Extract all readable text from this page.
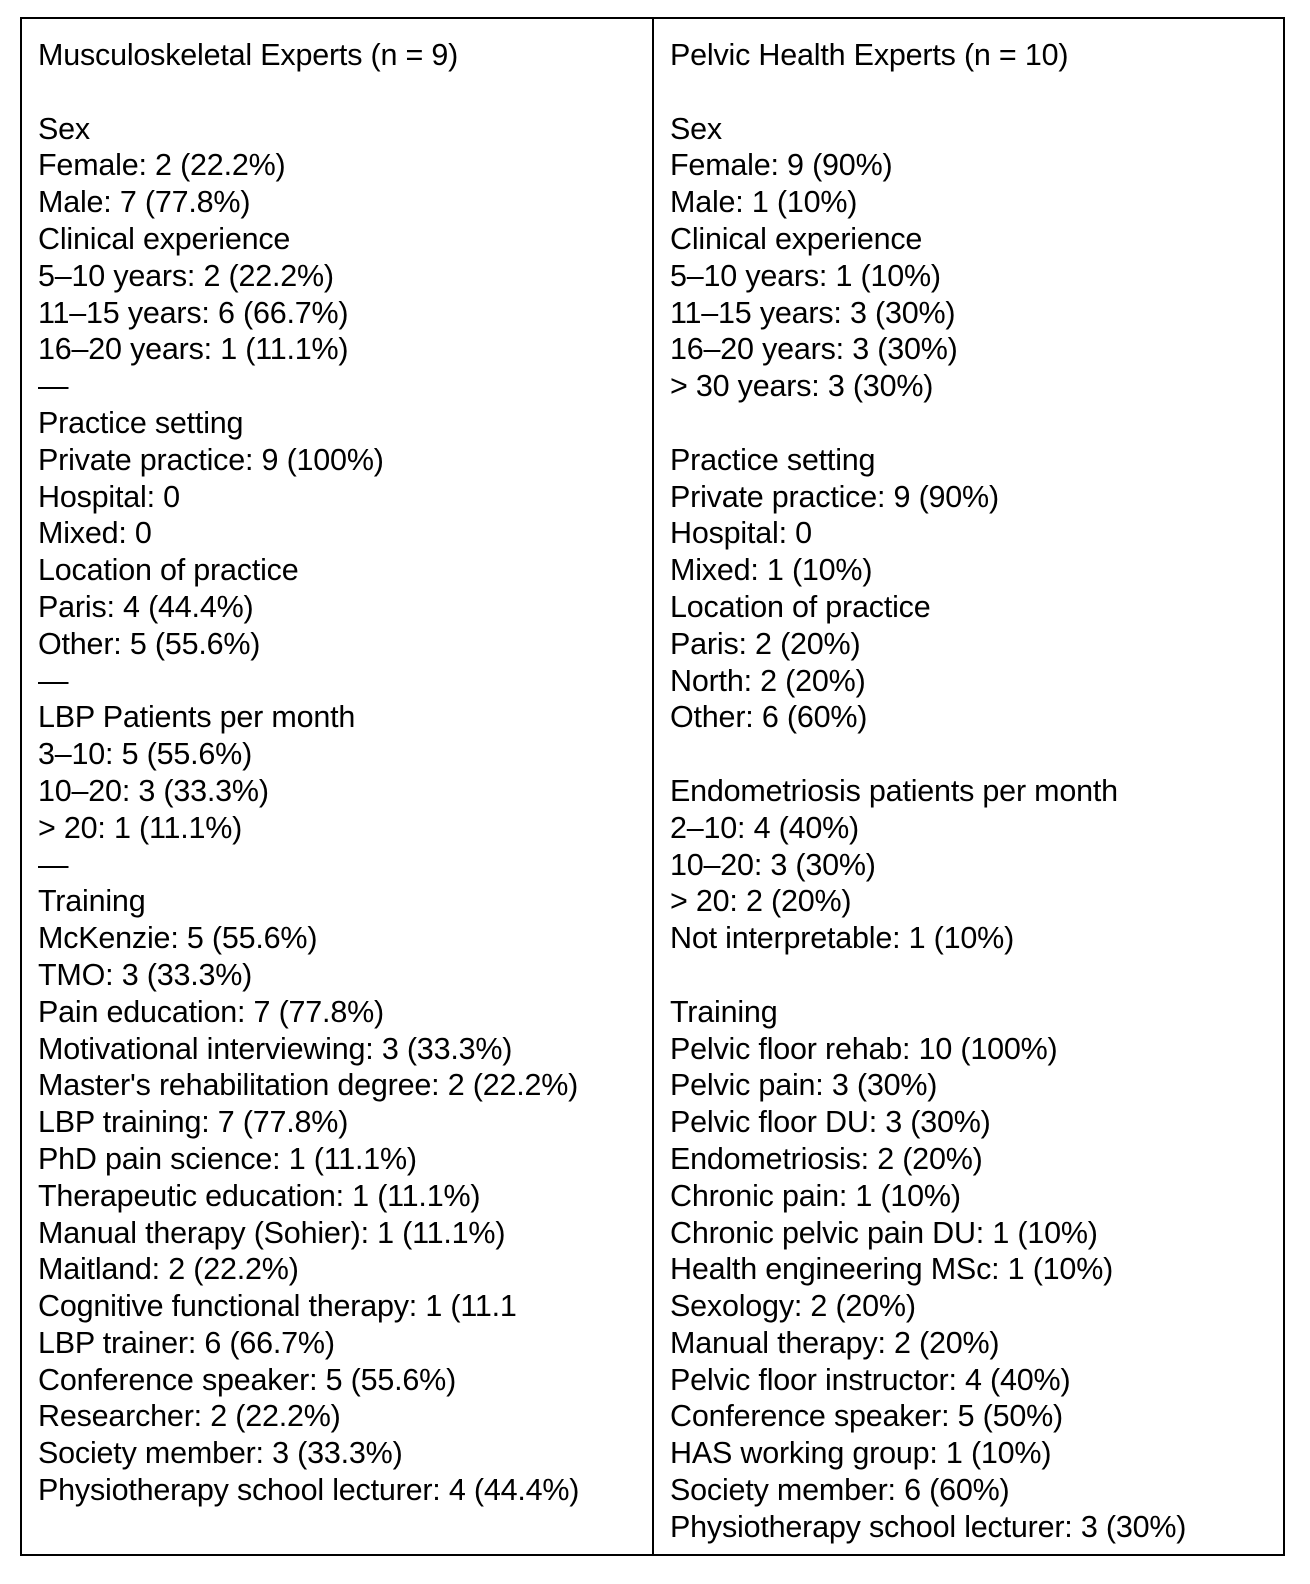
Musculoskeletal Experts (n = 9)
Sex
Female: 2 (22.2%)
Male: 7 (77.8%)
Clinical experience
5–10 years: 2 (22.2%)
11–15 years: 6 (66.7%)
16–20 years: 1 (11.1%)
—
Practice setting
Private practice: 9 (100%)
Hospital: 0
Mixed: 0
Location of practice
Paris: 4 (44.4%)
Other: 5 (55.6%)
—
LBP Patients per month
3–10: 5 (55.6%)
10–20: 3 (33.3%)
> 20: 1 (11.1%)
—
Training
McKenzie: 5 (55.6%)
TMO: 3 (33.3%)
Pain education: 7 (77.8%)
Motivational interviewing: 3 (33.3%)
Master's rehabilitation degree: 2 (22.2%)
LBP training: 7 (77.8%)
PhD pain science: 1 (11.1%)
Therapeutic education: 1 (11.1%)
Manual therapy (Sohier): 1 (11.1%)
Maitland: 2 (22.2%)
Cognitive functional therapy: 1 (11.1
LBP trainer: 6 (66.7%)
Conference speaker: 5 (55.6%)
Researcher: 2 (22.2%)
Society member: 3 (33.3%)
Physiotherapy school lecturer: 4 (44.4%)
Pelvic Health Experts (n = 10)
Sex
Female: 9 (90%)
Male: 1 (10%)
Clinical experience
5–10 years: 1 (10%)
11–15 years: 3 (30%)
16–20 years: 3 (30%)
> 30 years: 3 (30%)
Practice setting
Private practice: 9 (90%)
Hospital: 0
Mixed: 1 (10%)
Location of practice
Paris: 2 (20%)
North: 2 (20%)
Other: 6 (60%)
Endometriosis patients per month
2–10: 4 (40%)
10–20: 3 (30%)
> 20: 2 (20%)
Not interpretable: 1 (10%)
Training
Pelvic floor rehab: 10 (100%)
Pelvic pain: 3 (30%)
Pelvic floor DU: 3 (30%)
Endometriosis: 2 (20%)
Chronic pain: 1 (10%)
Chronic pelvic pain DU: 1 (10%)
Health engineering MSc: 1 (10%)
Sexology: 2 (20%)
Manual therapy: 2 (20%)
Pelvic floor instructor: 4 (40%)
Conference speaker: 5 (50%)
HAS working group: 1 (10%)
Society member: 6 (60%)
Physiotherapy school lecturer: 3 (30%)
